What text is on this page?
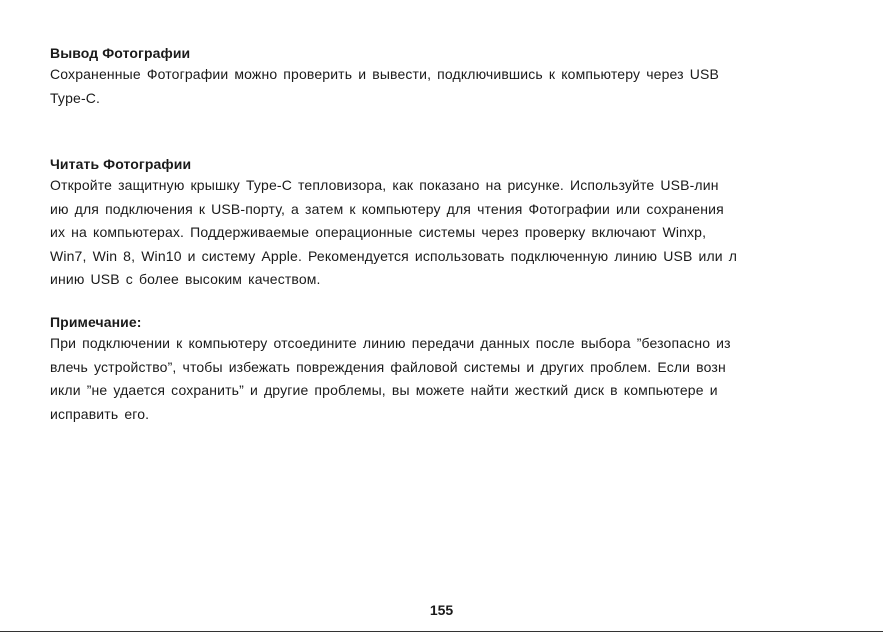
Вывод Фотографии

Сохраненные Фотографии можно проверить и вывести, подключившись к компьютеру через USB

Type-C.

Читать Фотографии

Откройте защитную крышку Type-C тепловизора, как показано на рисунке. Используйте USB-лин

ию для подключения к USB-порту, а затем к компьютеру для чтения Фотографии или сохранения

их на компьютерах. Поддерживаемые операционные системы через проверку включают Winxp,

Win7, Win 8, Win10 и систему Apple. Рекомендуется использовать подключенную линию USB или л

инию USB с более высоким качеством.

Примечание:

При подключении к компьютеру отсоедините линию передачи данных после выбора ”безопасно из

влечь устройство”, чтобы избежать повреждения файловой системы и других проблем. Если возн

икли ”не удается сохранить” и другие проблемы, вы можете найти жесткий диск в компьютере и

исправить его.

155
